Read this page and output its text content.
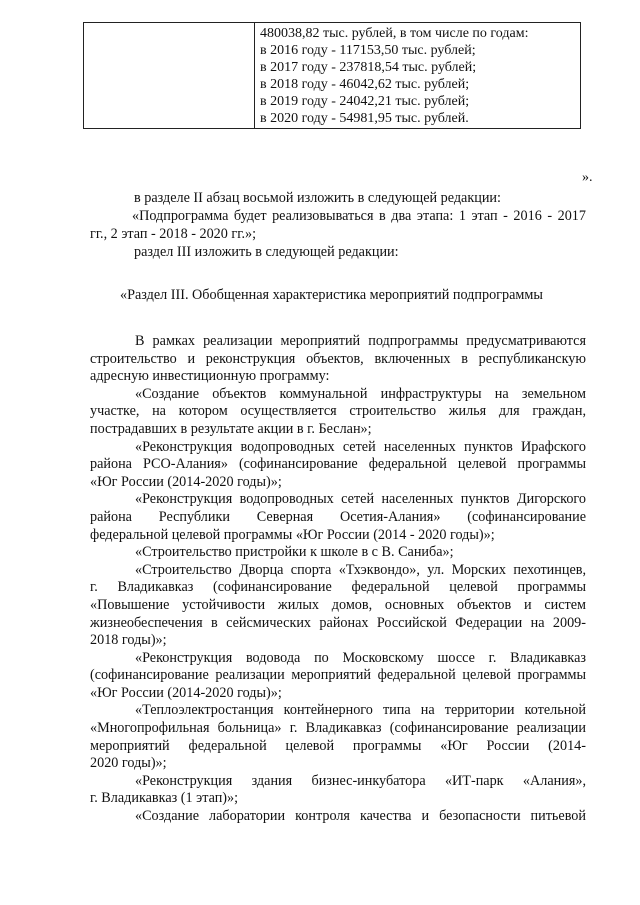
480038,82 тыс. рублей, в том числе по годам:
в 2016 году - 117153,50 тыс. рублей;
в 2017 году - 237818,54 тыс. рублей;
в 2018 году - 46042,62 тыс. рублей;
в 2019 году - 24042,21 тыс. рублей;
в 2020 году - 54981,95 тыс. рублей.
».
в разделе II абзац восьмой изложить в следующей редакции:
«Подпрограмма будет реализовываться в два этапа: 1 этап - 2016 - 2017
гг., 2 этап - 2018 - 2020 гг.»;
раздел III изложить в следующей редакции:
«Раздел III. Обобщенная характеристика мероприятий подпрограммы
В рамках реализации мероприятий подпрограммы предусматриваются
строительство и реконструкция объектов, включенных в республиканскую
адресную инвестиционную программу:
«Создание объектов коммунальной инфраструктуры на земельном
участке, на котором осуществляется строительство жилья для граждан,
пострадавших в результате акции в г. Беслан»;
«Реконструкция водопроводных сетей населенных пунктов Ирафского
района РСО-Алания» (софинансирование федеральной целевой программы
«Юг России (2014-2020 годы)»;
«Реконструкция водопроводных сетей населенных пунктов Дигорского
района Республики Северная Осетия-Алания» (софинансирование
федеральной целевой программы «Юг России (2014 - 2020 годы)»;
«Строительство пристройки к школе в с В. Саниба»;
«Строительство Дворца спорта «Тхэквондо», ул. Морских пехотинцев,
г. Владикавказ (софинансирование федеральной целевой программы
«Повышение устойчивости жилых домов, основных объектов и систем
жизнеобеспечения в сейсмических районах Российской Федерации на 2009-
2018 годы)»;
«Реконструкция водовода по Московскому шоссе г. Владикавказ
(софинансирование реализации мероприятий федеральной целевой программы
«Юг России (2014-2020 годы)»;
«Теплоэлектростанция контейнерного типа на территории котельной
«Многопрофильная больница» г. Владикавказ (софинансирование реализации
мероприятий федеральной целевой программы «Юг России (2014-
2020 годы)»;
«Реконструкция здания бизнес-инкубатора «ИТ-парк «Алания»,
г. Владикавказ (1 этап)»;
«Создание лаборатории контроля качества и безопасности питьевой
